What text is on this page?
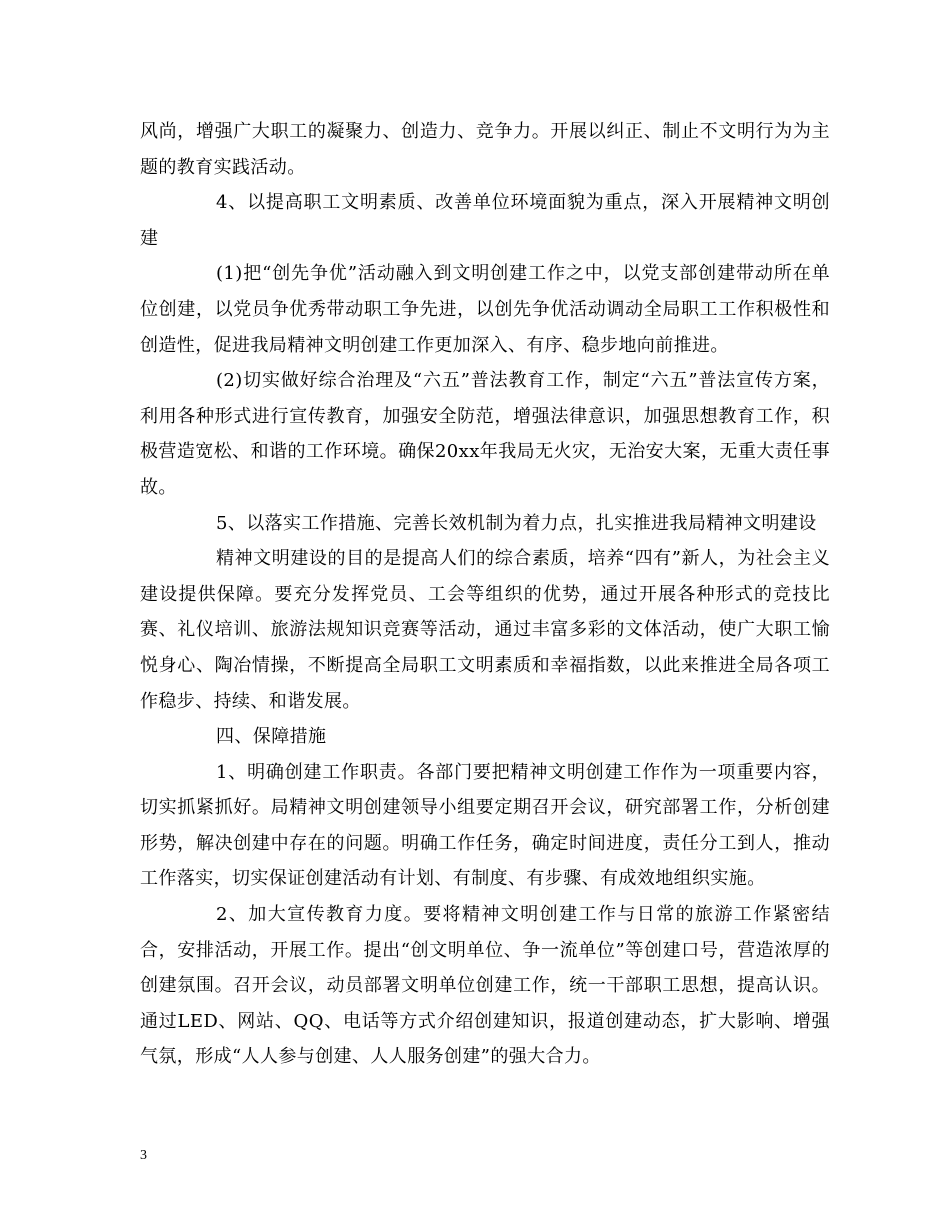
风尚，增强广大职工的凝聚力、创造力、竞争力。开展以纠正、制止不文明行为为主题的教育实践活动。

4、以提高职工文明素质、改善单位环境面貌为重点，深入开展精神文明创建

(1)把“创先争优”活动融入到文明创建工作之中，以党支部创建带动所在单位创建，以党员争优秀带动职工争先进，以创先争优活动调动全局职工工作积极性和创造性，促进我局精神文明创建工作更加深入、有序、稳步地向前推进。

(2)切实做好综合治理及“六五”普法教育工作，制定“六五”普法宣传方案，利用各种形式进行宣传教育，加强安全防范，增强法律意识，加强思想教育工作，积极营造宽松、和谐的工作环境。确保20xx年我局无火灾，无治安大案，无重大责任事故。

5、以落实工作措施、完善长效机制为着力点，扎实推进我局精神文明建设

精神文明建设的目的是提高人们的综合素质，培养“四有”新人，为社会主义建设提供保障。要充分发挥党员、工会等组织的优势，通过开展各种形式的竞技比赛、礼仪培训、旅游法规知识竞赛等活动，通过丰富多彩的文体活动，使广大职工愉悦身心、陶冶情操，不断提高全局职工文明素质和幸福指数，以此来推进全局各项工作稳步、持续、和谐发展。

四、保障措施

1、明确创建工作职责。各部门要把精神文明创建工作作为一项重要内容，切实抓紧抓好。局精神文明创建领导小组要定期召开会议，研究部署工作，分析创建形势，解决创建中存在的问题。明确工作任务，确定时间进度，责任分工到人，推动工作落实，切实保证创建活动有计划、有制度、有步骤、有成效地组织实施。

2、加大宣传教育力度。要将精神文明创建工作与日常的旅游工作紧密结合，安排活动，开展工作。提出“创文明单位、争一流单位”等创建口号，营造浓厚的创建氛围。召开会议，动员部署文明单位创建工作，统一干部职工思想，提高认识。通过LED、网站、QQ、电话等方式介绍创建知识，报道创建动态，扩大影响、增强气氛，形成“人人参与创建、人人服务创建”的强大合力。

3
